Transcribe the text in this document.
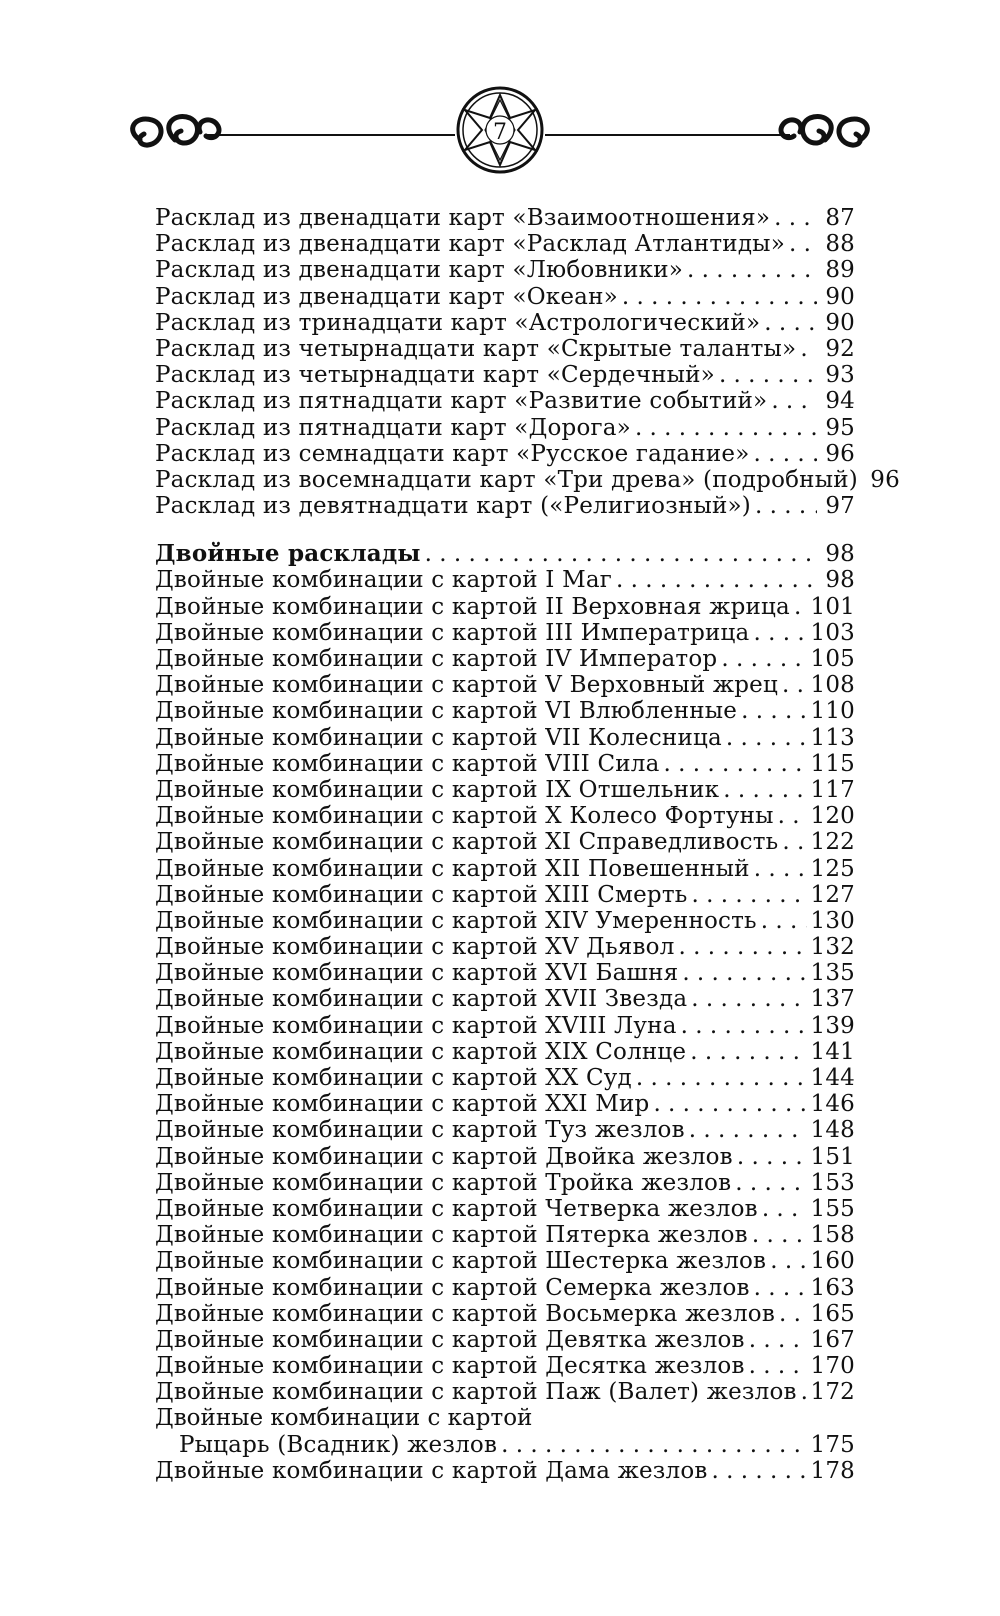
7
Расклад из двенадцати карт «Взаимоотношения» . . . 87
Расклад из двенадцати карт «Расклад Атлантиды» . . . 88
Расклад из двенадцати карт «Любовники» . . .	89
Расклад из двенадцати карт «Океан» . . .	90
Расклад из тринадцати карт «Астрологический» . . .	90
Расклад из четырнадцати карт «Скрытые таланты» . . . 92
Расклад из четырнадцати карт «Сердечный» . . .	93
Расклад из пятнадцати карт «Развитие событий» . . .	94
Расклад из пятнадцати карт «Дорога» . . .	95
Расклад из семнадцати карт «Русское гадание» . . .	96
Расклад из восемнадцати карт «Три древа» (подробный) 96
Расклад из девятнадцати карт («Религиозный») . . .	97
Двойные расклады . . .	98
Двойные комбинации с картой I Маг . . .	98
Двойные комбинации с картой II Верховная жрица . . . 101
Двойные комбинации с картой III Императрица . . .	103
Двойные комбинации с картой IV Император . . .	105
Двойные комбинации с картой V Верховный жрец . . . 108
Двойные комбинации с картой VI Влюбленные . . .	110
Двойные комбинации с картой VII Колесница . . .	113
Двойные комбинации с картой VIII Сила . . .	115
Двойные комбинации с картой IX Отшельник . . .	117
Двойные комбинации с картой X Колесо Фортуны . . . 120
Двойные комбинации с картой XI Справедливость . . . 122
Двойные комбинации с картой XII Повешенный . . .	125
Двойные комбинации с картой XIII Смерть . . .	127
Двойные комбинации с картой XIV Умеренность . . . 130
Двойные комбинации с картой XV Дьявол . . .	132
Двойные комбинации с картой XVI Башня . . .	135
Двойные комбинации с картой XVII Звезда . . .	137
Двойные комбинации с картой XVIII Луна . . .	139
Двойные комбинации с картой XIX Солнце . . .	141
Двойные комбинации с картой XX Суд . . .	144
Двойные комбинации с картой XXI Мир . . .	146
Двойные комбинации с картой Туз жезлов . . .	148
Двойные комбинации с картой Двойка жезлов . . .	151
Двойные комбинации с картой Тройка жезлов . . .	153
Двойные комбинации с картой Четверка жезлов . . . 155
Двойные комбинации с картой Пятерка жезлов . . .	158
Двойные комбинации с картой Шестерка жезлов . . . 160
Двойные комбинации с картой Семерка жезлов . . .	163
Двойные комбинации с картой Восьмерка жезлов . . . 165
Двойные комбинации с картой Девятка жезлов . . .	167
Двойные комбинации с картой Десятка жезлов . . .	170
Двойные комбинации с картой Паж (Валет) жезлов . . . 172
Двойные комбинации с картой
Рыцарь (Всадник) жезлов . . .	175
Двойные комбинации с картой Дама жезлов . . .	178
